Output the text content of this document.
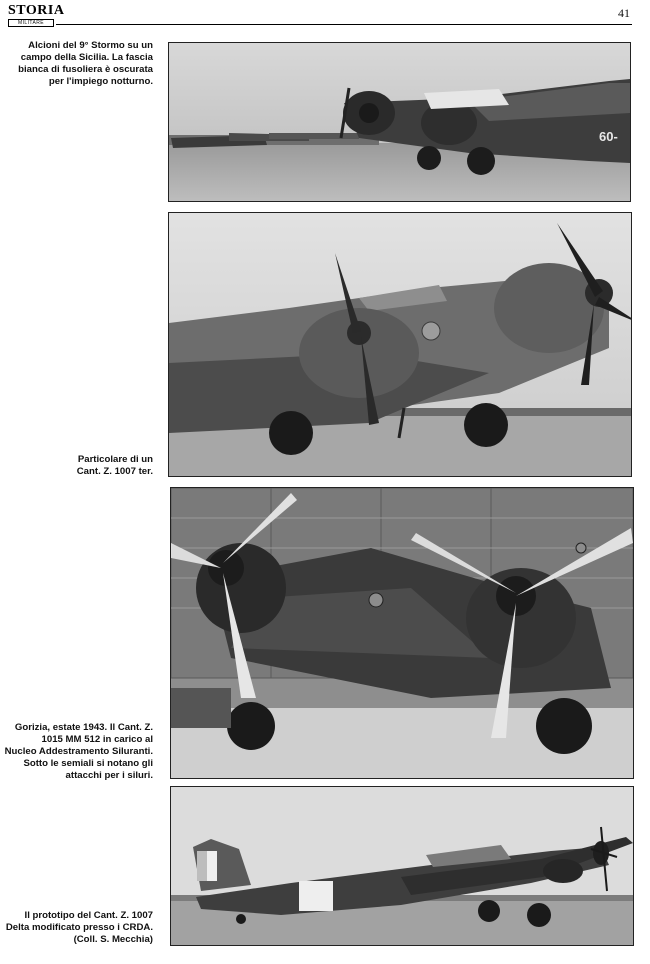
STORIA
MILITARE
41
Alcioni del 9° Stormo su un
campo della Sicilia. La fascia
bianca di fusoliera è oscurata
per l'impiego notturno.
60-
Particolare di un
Cant. Z. 1007 ter.
Gorizia, estate 1943. Il Cant. Z.
1015 MM 512 in carico al
Nucleo Addestramento Siluranti.
Sotto le semiali si notano gli
attacchi per i siluri.
Il prototipo del Cant. Z. 1007
Delta modificato presso i CRDA.
(Coll. S. Mecchia)
